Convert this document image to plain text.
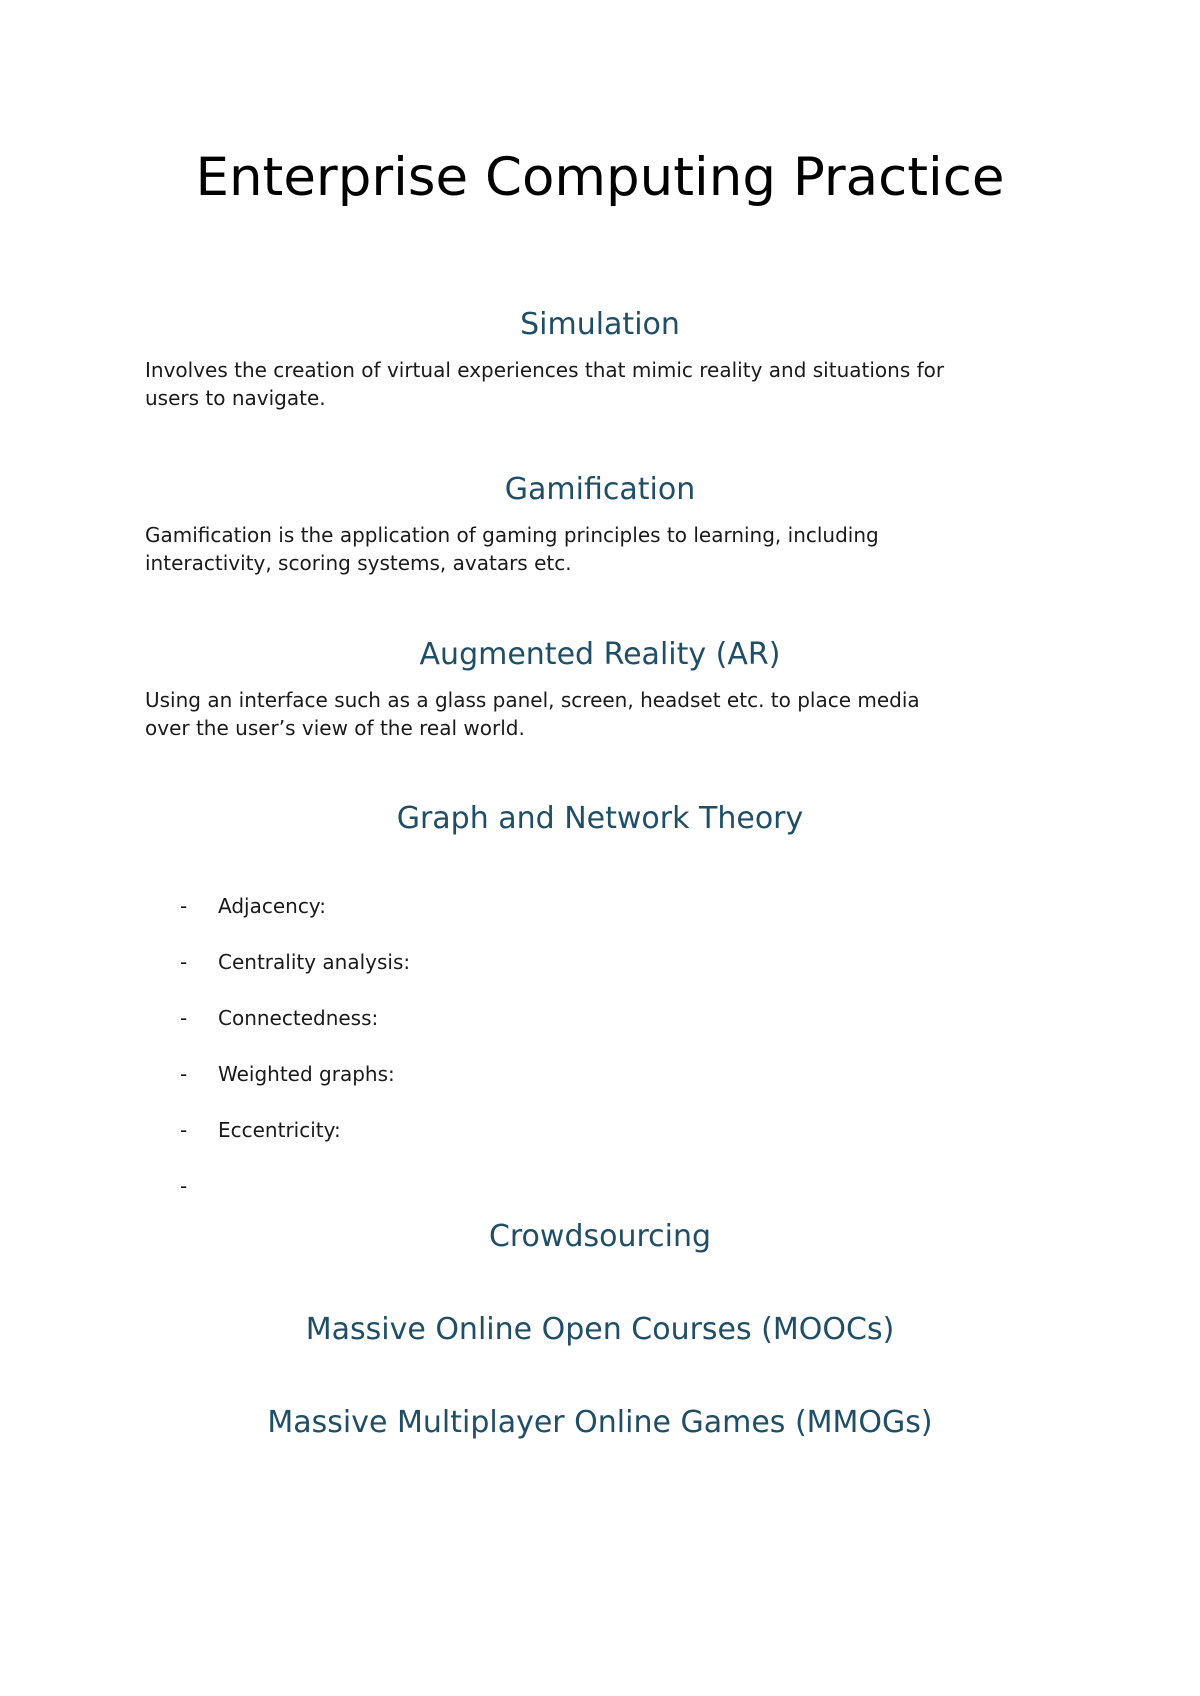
Enterprise Computing Practice
Simulation

Involves the creation of virtual experiences that mimic reality and situations for
users to navigate.

Gamification

Gamification is the application of gaming principles to learning, including
interactivity, scoring systems, avatars etc.

Augmented Reality (AR)

Using an interface such as a glass panel, screen, headset etc. to place media
over the user’s view of the real world.

Graph and Network Theory
-	Adjacency:
-	Centrality analysis:
-	Connectedness:
-	Weighted graphs:
-	Eccentricity:
-
Crowdsourcing
Massive Online Open Courses (MOOCs)
Massive Multiplayer Online Games (MMOGs)
